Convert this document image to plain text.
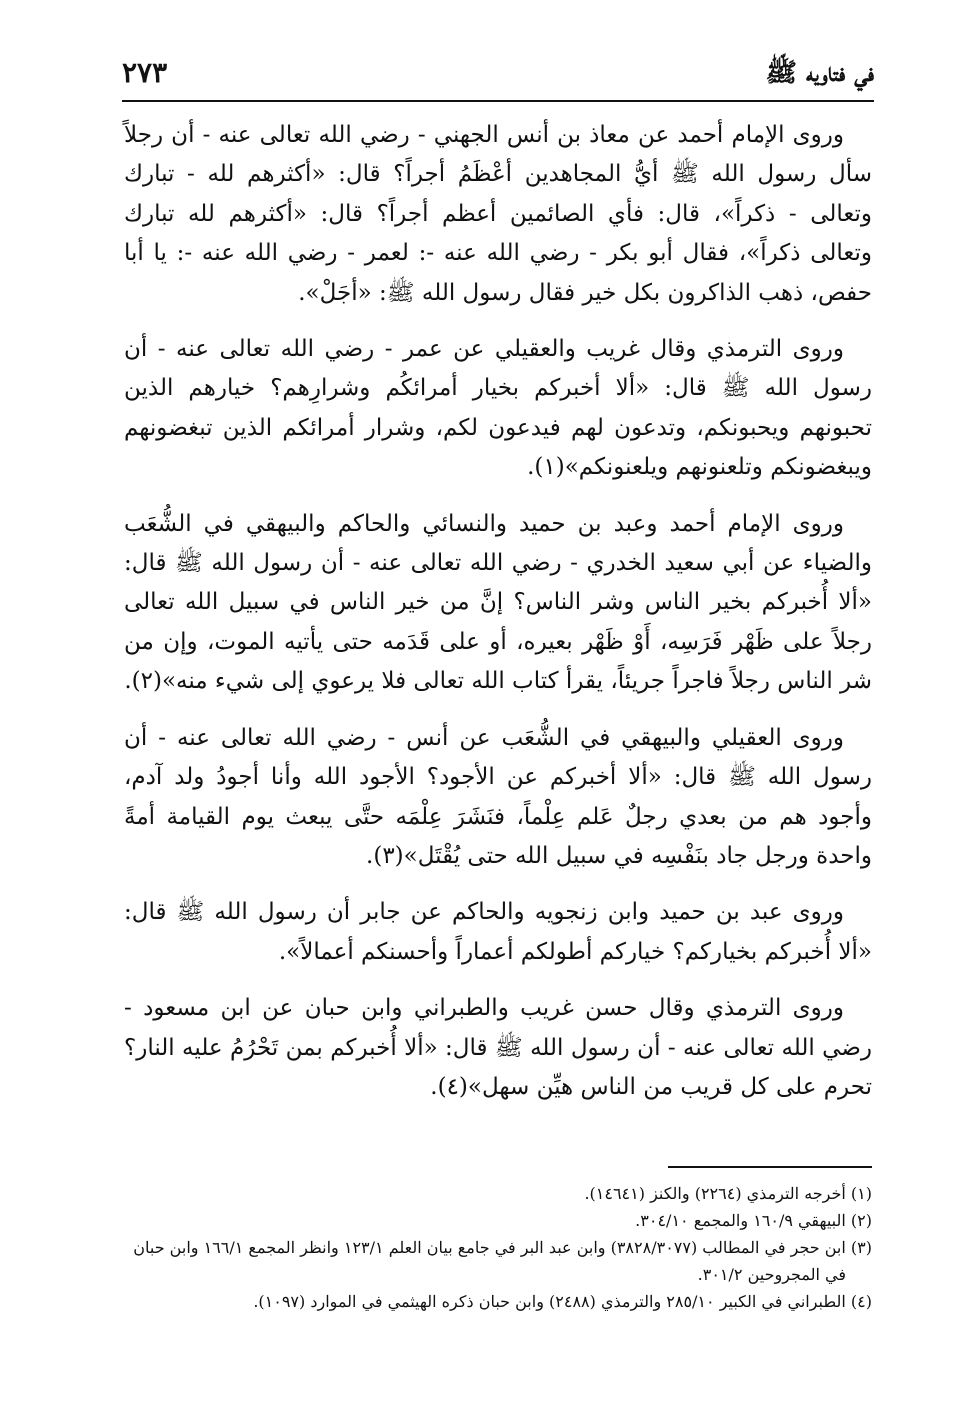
في فتاويه ﷺ
٢٧٣

وروى الإمام أحمد عن معاذ بن أنس الجهني - رضي الله تعالى عنه - أن رجلاً سأل رسول الله ﷺ أيُّ المجاهدين أعْظَمُ أجراً؟ قال: «أكثرهم لله - تبارك وتعالى - ذكراً»، قال: فأي الصائمين أعظم أجراً؟ قال: «أكثرهم لله تبارك وتعالى ذكراً»، فقال أبو بكر - رضي الله عنه -: لعمر - رضي الله عنه -: يا أبا حفص، ذهب الذاكرون بكل خير فقال رسول الله ﷺ: «أجَلْ».

وروى الترمذي وقال غريب والعقيلي عن عمر - رضي الله تعالى عنه - أن رسول الله ﷺ قال: «ألا أخبركم بخيار أمرائكُم وشرارِهم؟ خيارهم الذين تحبونهم ويحبونكم، وتدعون لهم فيدعون لكم، وشرار أمرائكم الذين تبغضونهم ويبغضونكم وتلعنونهم ويلعنونكم»(١).

وروى الإمام أحمد وعبد بن حميد والنسائي والحاكم والبيهقي في الشُّعَب والضياء عن أبي سعيد الخدري - رضي الله تعالى عنه - أن رسول الله ﷺ قال: «ألا أُخبركم بخير الناس وشر الناس؟ إنَّ من خير الناس في سبيل الله تعالى رجلاً على ظَهْر فَرَسِه، أَوْ ظَهْر بعيره، أو على قَدَمه حتى يأتيه الموت، وإن من شر الناس رجلاً فاجراً جريئاً، يقرأ كتاب الله تعالى فلا يرعوي إلى شيء منه»(٢).

وروى العقيلي والبيهقي في الشُّعَب عن أنس - رضي الله تعالى عنه - أن رسول الله ﷺ قال: «ألا أخبركم عن الأجود؟ الأجود الله وأنا أجودُ ولد آدم، وأجود هم من بعدي رجلٌ عَلم عِلْماً، فنَشَرَ عِلْمَه حتَّى يبعث يوم القيامة أمةً واحدة ورجل جاد بنَفْسِه في سبيل الله حتى يُقْتَل»(٣).

وروى عبد بن حميد وابن زنجويه والحاكم عن جابر أن رسول الله ﷺ قال: «ألا أُخبركم بخياركم؟ خياركم أطولكم أعماراً وأحسنكم أعمالاً».

وروى الترمذي وقال حسن غريب والطبراني وابن حبان عن ابن مسعود - رضي الله تعالى عنه - أن رسول الله ﷺ قال: «ألا أُخبركم بمن تَحْرُمُ عليه النار؟ تحرم على كل قريب من الناس هيِّن سهل»(٤).

(١) أخرجه الترمذي (٢٢٦٤) والكنز (١٤٦٤١).

(٢) البيهقي ١٦٠/٩ والمجمع ٣٠٤/١٠.

(٣) ابن حجر في المطالب (٣٨٢٨/٣٠٧٧) وابن عبد البر في جامع بيان العلم ١٢٣/١ وانظر المجمع ١٦٦/١ وابن حبان في المجروحين ٣٠١/٢.

(٤) الطبراني في الكبير ٢٨٥/١٠ والترمذي (٢٤٨٨) وابن حبان ذكره الهيثمي في الموارد (١٠٩٧).
